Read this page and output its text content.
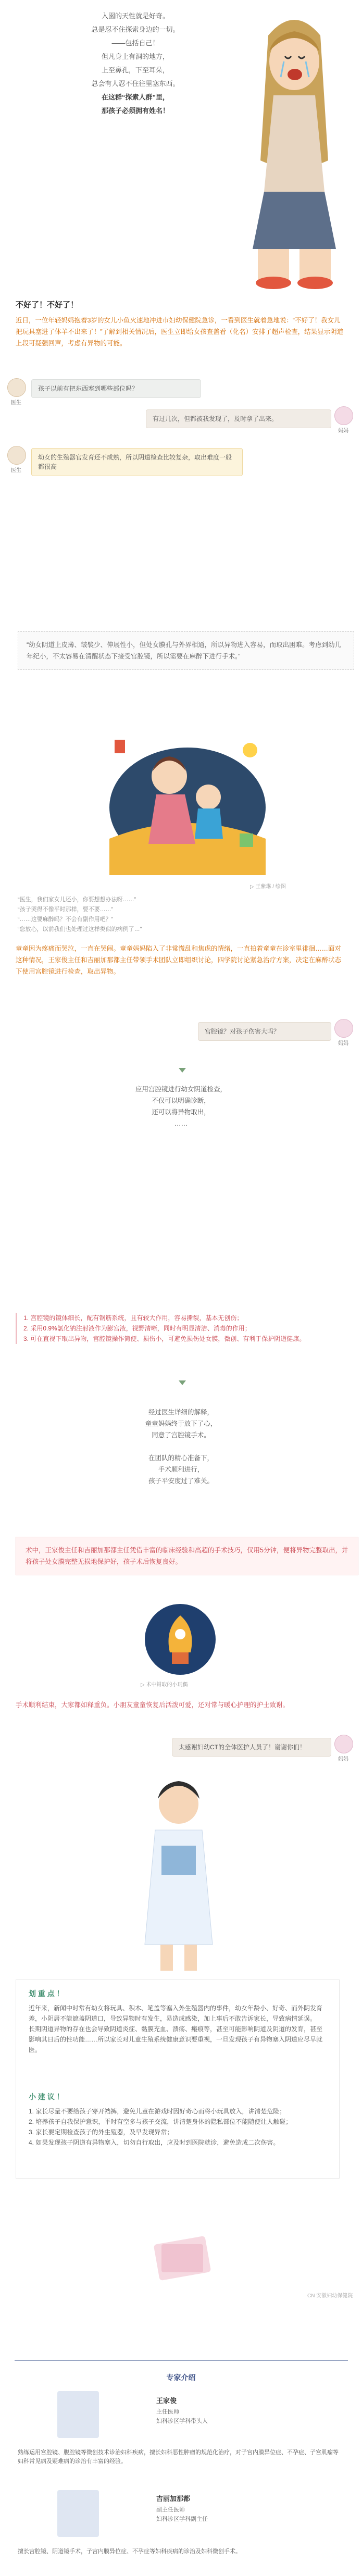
入園的天性就是好奇。
总是忍不住探索身边的一切。
——包括自己！
但凡身上有洞的地方，
上至鼻孔，下至耳朵，
总会有人忍不住往里塞东西。
在这群“探索人群”里，
那孩子必须拥有姓名！
不好了！不好了！
近日，一位年轻妈妈抱着3岁的女儿小鱼火速地冲进市妇幼保健院急诊，一看到医生就着急地说：“不好了！我女儿把玩具塞进了体羊不出来了！”了解到相关情况后，医生立即给女孩查盖看（化名）安排了超声检查，结果显示阴道上段可疑强回声，考虑有异物的可能。
医生
孩子以前有把东西塞到哪些部位吗？
妈妈
有过几次，但都被我发现了，及时拿了出来。
医生
幼女的生殖器官发育还不成熟，所以阴道检查比较复杂，取出难度一般都很高
“幼女阴道上皮薄、皱襞少、伸展性小，但处女膜孔与外界相通，所以异物进入容易，而取出困难。考虑到幼儿年纪小，不太容易在清醒状态下接受宫腔镜，所以需要在麻醉下进行手术。”
▷ 王紫琳 / 绘图
“医生，我们家女儿还小，你要想想办法呀……”
“孩子哭得不像平时那样，要不要……”
“……这要麻醉吗？不会有副作用吧？”
“您放心，以前我们也处理过这样类似的病例了…”
童童因为疼痛而哭泣，一直在哭闹。童童妈妈陷入了非常慌乱和焦虑的情绪，一直拍着童童在诊室里徘徊……面对这种情况，王家俊主任和吉丽加那都主任带领手术团队立即组织讨论，四学院讨论紧急治疗方案，决定在麻醉状态下使用宫腔镜进行检查，取出异物。
妈妈
宫腔镜？对孩子伤害大吗？
应用宫腔镜进行幼女阴道检查，
不仅可以明确诊断，
还可以将异物取出，
……
1. 宫腔镜的镜体细长，配有钢筋系统，且有较大作用，容易撕裂，基本无创伤；
2. 采用0.9%氯化钠注射液作为膨宫液，视野清晰，同时有明显清洁、消毒的作用；
3. 可在直视下取出异物，宫腔镜操作简便、损伤小，可避免损伤处女膜，微创、有利于保护阴道健康。
经过医生详细的解释，
童童妈妈终于放下了心，
同意了宫腔镜手术。
在团队的精心准备下，
手术顺利进行，
孩子平安度过了难关。
术中，王家俊主任和吉丽加那都主任凭借丰富的临床经验和高超的手术技巧，仅用5分钟，便将异物完整取出，并将孩子处女膜完整无损地保护好，孩子术后恢复良好。
▷ 术中钳取的小玩偶
手术顺利结束，大家都如释重负。小朋友童童恢复后活泼可爱，还对常与暖心护理的护士致谢。
妈妈
太感谢妇幼CT的全体医护人员了！谢谢你们！
划 重 点 ！
近年来，新闻中时常有幼女将玩具、积木、笔盖等塞入外生殖器内的事件，幼女年龄小、好奇、而外阴发育差，小阴唇不能遮盖阴道口，导致异物时有发生，易造成感染，加上事后不敢告诉家长，导致病情延误。
长期阴道异物的存在也会导致阴道炎症、黏膜充血、溃疡、瘢痕等，甚至可能影响阴道及阴道的发育，甚至影响其日后的性功能……所以家长对儿童生殖系统健康意识要重视，一旦发现孩子有异物塞入阴道应尽早就医。
小 建 议 ！
1. 家长尽量不要给孩子穿开裆裤，避免儿童在游戏时因好奇心而将小玩具放入，讲清楚危险；
2. 培养孩子自我保护意识，平时有空多与孩子交流，讲清楚身体的隐私部位不能随便让人触碰；
3. 家长要定期检查孩子的外生殖器，及早发现异常；
4. 如果发现孩子阴道有异物塞入，切勿自行取出，应及时到医院就诊，避免造成二次伤害。
CN 安徽妇幼保健院
专家介绍
王家俊
主任医师
妇科诊区学科带头人
熟练运用宫腔镜、腹腔镜等微创技术诊治妇科疾病，擅长妇科恶性肿瘤的规范化治疗，对子宫内膜异位症、不孕症、子宫肌瘤等妇科常见病及疑难病的诊治有丰富的经验。
吉丽加那都
副主任医师
妇科诊区学科副主任
擅长宫腔镜、阴道镜手术，子宫内膜异位症、不孕症等妇科疾病的诊治及妇科微创手术。
